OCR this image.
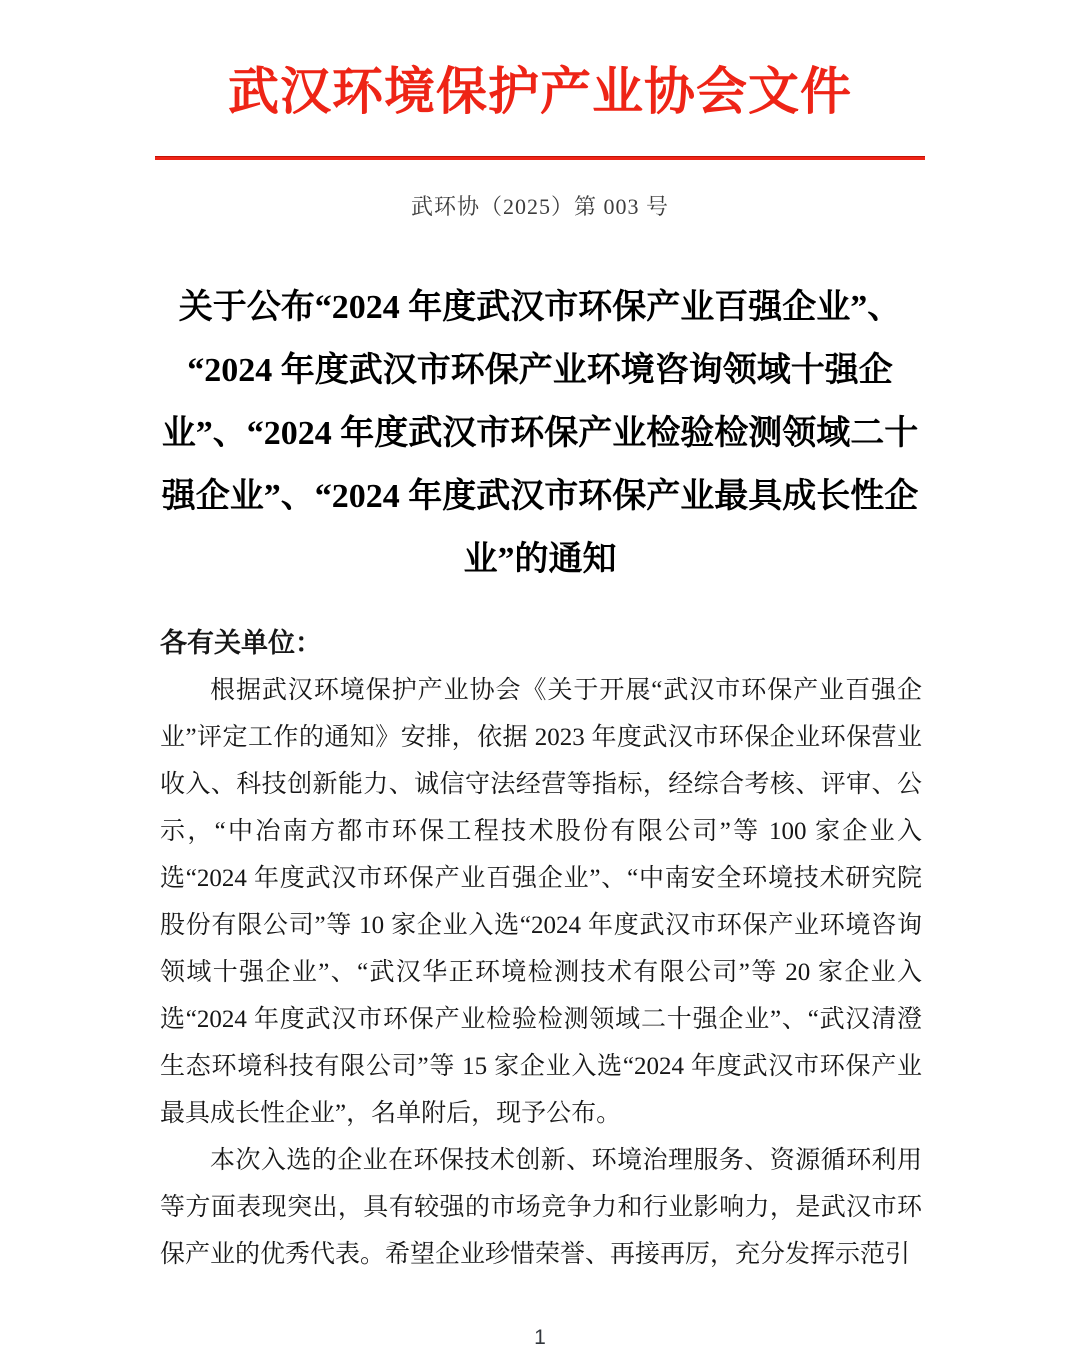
武汉环境保护产业协会文件
武环协（2025）第 003 号
关于公布“2024 年度武汉市环保产业百强企业”、
“2024 年度武汉市环保产业环境咨询领域十强企
业”、“2024 年度武汉市环保产业检验检测领域二十
强企业”、“2024 年度武汉市环保产业最具成长性企
业”的通知

各有关单位：

根据武汉环境保护产业协会《关于开展“武汉市环保产业百强企业”评定工作的通知》安排，依据 2023 年度武汉市环保企业环保营业收入、科技创新能力、诚信守法经营等指标，经综合考核、评审、公示，“中冶南方都市环保工程技术股份有限公司”等 100 家企业入选“2024 年度武汉市环保产业百强企业”、“中南安全环境技术研究院股份有限公司”等 10 家企业入选“2024 年度武汉市环保产业环境咨询领域十强企业”、“武汉华正环境检测技术有限公司”等 20 家企业入选“2024 年度武汉市环保产业检验检测领域二十强企业”、“武汉清澄生态环境科技有限公司”等 15 家企业入选“2024 年度武汉市环保产业最具成长性企业”，名单附后，现予公布。

本次入选的企业在环保技术创新、环境治理服务、资源循环利用等方面表现突出，具有较强的市场竞争力和行业影响力，是武汉市环保产业的优秀代表。希望企业珍惜荣誉、再接再厉，充分发挥示范引

1
